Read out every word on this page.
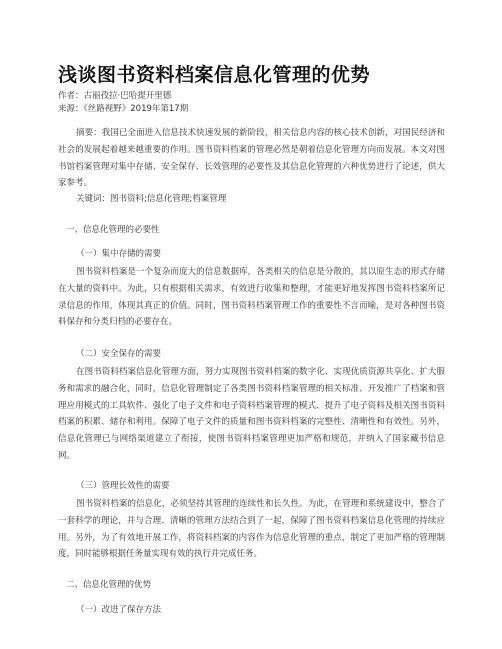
浅谈图书资料档案信息化管理的优势
作者：古丽孜拉·巴哈提开里德
来源：《丝路视野》2019年第17期

摘要：我国已全面进入信息技术快速发展的新阶段，相关信息内容的核心技术创新，对国民经济和社会的发展起着越来越重要的作用。图书资料档案的管理必然是朝着信息化管理方向而发展。本文对图书馆档案管理对集中存储、安全保存、长效管理的必要性及其信息化管理的六种优势进行了论述，供大家参考。

关键词：图书资料;信息化管理;档案管理

一、信息化管理的必要性
（一）集中存储的需要

图书资料档案是一个复杂而庞大的信息数据库，各类相关的信息是分散的，其以原生态的形式存储在大量的资料中。为此，只有根据相关需求，有效进行收集和整理，才能更好地发挥图书资料档案所记录信息的作用，体现其真正的价值。同时，图书资料档案管理工作的重要性不言而喻，是对各种图书资料保存和分类归档的必要存在。

（二）安全保存的需要

在图书资料档案信息化管理方面，努力实现图书资料档案的数字化、实现优质资源共享化、扩大服务和需求的融合化，同时，信息化管理制定了各类图书资料档案管理的相关标准、开发推广了档案和管理应用模式的工具软件、强化了电子文件和电子资料档案管理的模式、提升了电子资料及相关图书资料档案的积累、储存和利用。保障了电子文件的质量和图书资料档案的完整性、清晰性和有效性。另外，信息化管理已与网络渠道建立了衔接，使图书资料档案管理更加严格和规范，并纳入了国家藏书信息网。

（三）管理长效性的需要

图书资料档案的信息化，必须坚持其管理的连续性和长久性。为此，在管理和系统建设中，整合了一套科学的理论，并与合理、清晰的管理方法结合到了一起，保障了图书资料档案信息化管理的持续应用。另外，为了有效地开展工作，将资料档案的内容作为信息化管理的重点，制定了更加严格的管理制度，同时能够根据任务量实现有效的执行并完成任务。

二、信息化管理的优势
（一）改进了保存方法
